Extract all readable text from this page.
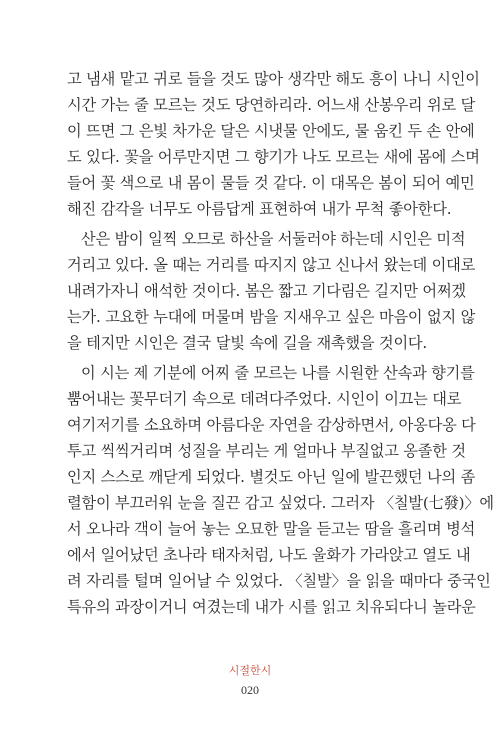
고 냄새 맡고 귀로 들을 것도 많아 생각만 해도 흥이 나니 시인이
시간 가는 줄 모르는 것도 당연하리라. 어느새 산봉우리 위로 달
이 뜨면 그 은빛 차가운 달은 시냇물 안에도, 물 움킨 두 손 안에
도 있다. 꽃을 어루만지면 그 향기가 나도 모르는 새에 몸에 스며
들어 꽃 색으로 내 몸이 물들 것 같다. 이 대목은 봄이 되어 예민
해진 감각을 너무도 아름답게 표현하여 내가 무척 좋아한다.
산은 밤이 일찍 오므로 하산을 서둘러야 하는데 시인은 미적
거리고 있다. 올 때는 거리를 따지지 않고 신나서 왔는데 이대로
내려가자니 애석한 것이다. 봄은 짧고 기다림은 길지만 어쩌겠
는가. 고요한 누대에 머물며 밤을 지새우고 싶은 마음이 없지 않
을 테지만 시인은 결국 달빛 속에 길을 재촉했을 것이다.
이 시는 제 기분에 어찌 줄 모르는 나를 시원한 산속과 향기를
뿜어내는 꽃무더기 속으로 데려다주었다. 시인이 이끄는 대로
여기저기를 소요하며 아름다운 자연을 감상하면서, 아옹다옹 다
투고 씩씩거리며 성질을 부리는 게 얼마나 부질없고 옹졸한 것
인지 스스로 깨닫게 되었다. 별것도 아닌 일에 발끈했던 나의 좀
렬함이 부끄러워 눈을 질끈 감고 싶었다. 그러자 〈칠발(七發)〉에
서 오나라 객이 늘어 놓는 오묘한 말을 듣고는 땀을 흘리며 병석
에서 일어났던 초나라 태자처럼, 나도 울화가 가라앉고 열도 내
려 자리를 털며 일어날 수 있었다. 〈칠발〉을 읽을 때마다 중국인
특유의 과장이거니 여겼는데 내가 시를 읽고 치유되다니 놀라운
시절한시
020
